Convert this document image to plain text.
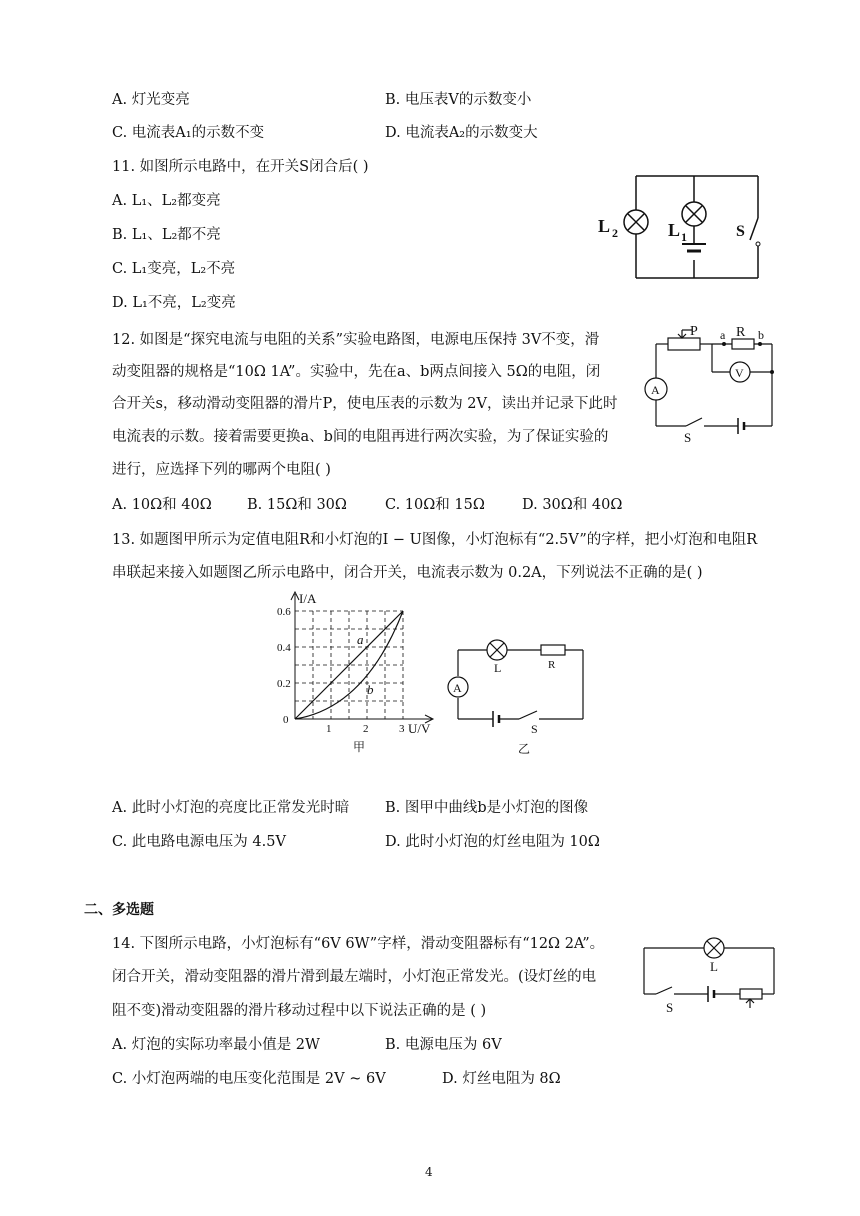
A. 灯光变亮	B. 电压表V的示数变小
C. 电流表A₁的示数不变	D. 电流表A₂的示数变大
11. 如图所示电路中，在开关S闭合后( )
A. L₁、L₂都变亮
B. L₁、L₂都不亮
C. L₁变亮，L₂不亮
D. L₁不亮，L₂变亮
L 2	L 1	S
12. 如图是“探究电流与电阻的关系”实验电路图，电源电压保持 3V不变，滑
动变阻器的规格是“10Ω 1A”。实验中，先在a、b两点间接入 5Ω的电阻，闭
合开关s，移动滑动变阻器的滑片P，使电压表的示数为 2V，读出并记录下此时
电流表的示数。接着需要更换a、b间的电阻再进行两次实验，为了保证实验的
进行，应选择下列的哪两个电阻( )
A. 10Ω和 40Ω B. 15Ω和 30Ω	C. 10Ω和 15Ω	D. 30Ω和 40Ω
P a R b
V
A
S
13. 如题图甲所示为定值电阻R和小灯泡的I − U图像，小灯泡标有“2.5V”的字样，把小灯泡和电阻R
串联起来接入如题图乙所示电路中，闭合开关，电流表示数为 0.2A，下列说法不正确的是( )
I/A
0.6
0.4
0.2
0
1	2	3 U/V
a
b
甲
L	R
A
S
乙
A. 此时小灯泡的亮度比正常发光时暗 B. 图甲中曲线b是小灯泡的图像
C. 此电路电源电压为 4.5V	D. 此时小灯泡的灯丝电阻为 10Ω
二、多选题
14. 下图所示电路，小灯泡标有“6V 6W”字样，滑动变阻器标有“12Ω 2A”。
闭合开关，滑动变阻器的滑片滑到最左端时，小灯泡正常发光。(设灯丝的电
阻不变)滑动变阻器的滑片移动过程中以下说法正确的是 ( )
A. 灯泡的实际功率最小值是 2W	B. 电源电压为 6V
C. 小灯泡两端的电压变化范围是 2V ~ 6V	D. 灯丝电阻为 8Ω
L
S
4
